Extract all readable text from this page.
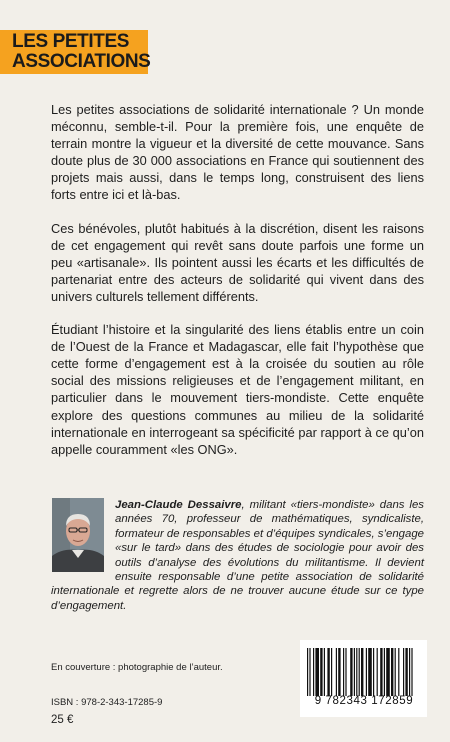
LES PETITES
ASSOCIATIONS

Les petites associations de solidarité internationale ? Un monde méconnu, semble-t-il. Pour la première fois, une enquête de terrain montre la vigueur et la diversité de cette mouvance. Sans doute plus de 30 000 associations en France qui soutiennent des projets mais aussi, dans le temps long, construisent des liens forts entre ici et là-bas.

Ces bénévoles, plutôt habitués à la discrétion, disent les raisons de cet engagement qui revêt sans doute parfois une forme un peu «artisanale». Ils pointent aussi les écarts et les difficultés de partenariat entre des acteurs de solidarité qui vivent dans des univers culturels tellement différents.

Étudiant l’histoire et la singularité des liens établis entre un coin de l’Ouest de la France et Madagascar, elle fait l’hypothèse que cette forme d’engagement est à la croisée du soutien au rôle social des missions religieuses et de l’engagement militant, en particulier dans le mouvement tiers-mondiste. Cette enquête explore des questions communes au milieu de la solidarité internationale en interrogeant sa spécificité par rapport à ce qu’on appelle couramment «les ONG».

Jean-Claude Dessaivre, militant «tiers-mondiste» dans les années 70, professeur de mathématiques, syndicaliste, formateur de responsables et d’équipes syndicales, s’engage «sur le tard» dans des études de sociologie pour avoir des outils d’analyse des évolutions du militantisme. Il devient ensuite responsable d’une petite association de solidarité internationale et regrette alors de ne trouver aucune étude sur ce type d’engagement.

En couverture : photographie de l’auteur.

ISBN : 978-2-343-17285-9

25 €

9 782343 172859
